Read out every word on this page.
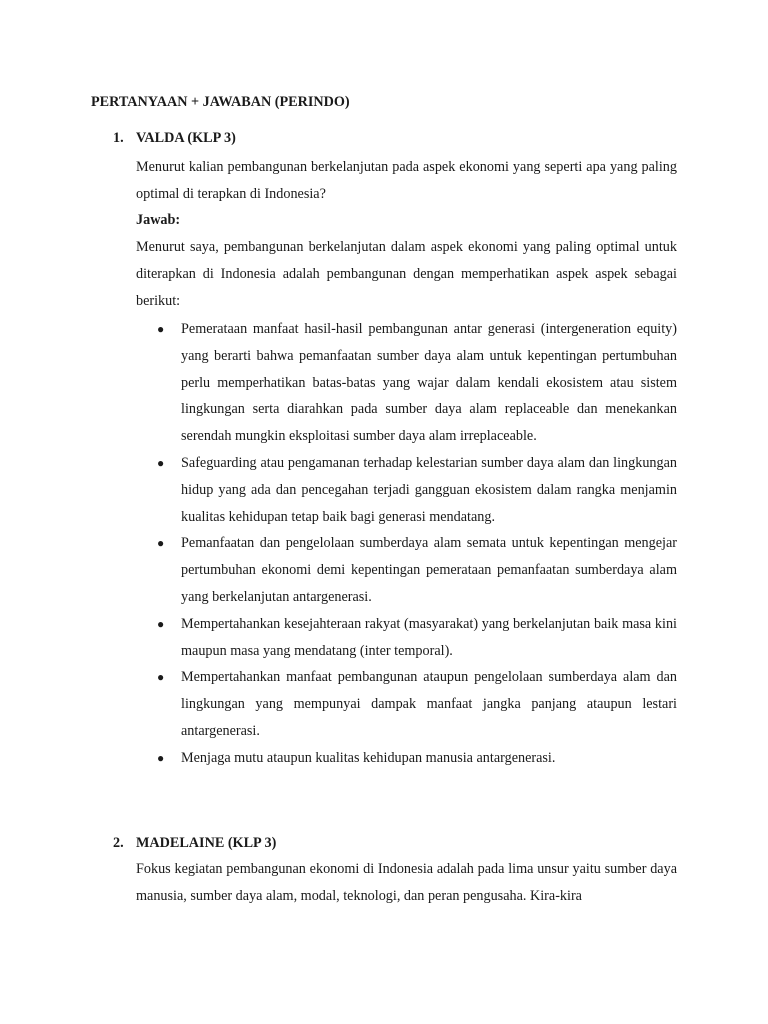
PERTANYAAN + JAWABAN (PERINDO)
1. VALDA (KLP 3)

Menurut kalian pembangunan berkelanjutan pada aspek ekonomi yang seperti apa yang paling optimal di terapkan di Indonesia?

Jawab:

Menurut saya, pembangunan berkelanjutan dalam aspek ekonomi yang paling optimal untuk diterapkan di Indonesia adalah pembangunan dengan memperhatikan aspek aspek sebagai berikut:

● Pemerataan manfaat hasil-hasil pembangunan antar generasi (intergeneration equity) yang berarti bahwa pemanfaatan sumber daya alam untuk kepentingan pertumbuhan perlu memperhatikan batas-batas yang wajar dalam kendali ekosistem atau sistem lingkungan serta diarahkan pada sumber daya alam replaceable dan menekankan serendah mungkin eksploitasi sumber daya alam irreplaceable.
● Safeguarding atau pengamanan terhadap kelestarian sumber daya alam dan lingkungan hidup yang ada dan pencegahan terjadi gangguan ekosistem dalam rangka menjamin kualitas kehidupan tetap baik bagi generasi mendatang.
● Pemanfaatan dan pengelolaan sumberdaya alam semata untuk kepentingan mengejar pertumbuhan ekonomi demi kepentingan pemerataan pemanfaatan sumberdaya alam yang berkelanjutan antargenerasi.
● Mempertahankan kesejahteraan rakyat (masyarakat) yang berkelanjutan baik masa kini maupun masa yang mendatang (inter temporal).
● Mempertahankan manfaat pembangunan ataupun pengelolaan sumberdaya alam dan lingkungan yang mempunyai dampak manfaat jangka panjang ataupun lestari antargenerasi.
● Menjaga mutu ataupun kualitas kehidupan manusia antargenerasi.
2. MADELAINE (KLP 3)

Fokus kegiatan pembangunan ekonomi di Indonesia adalah pada lima unsur yaitu sumber daya manusia, sumber daya alam, modal, teknologi, dan peran pengusaha. Kira-kira
